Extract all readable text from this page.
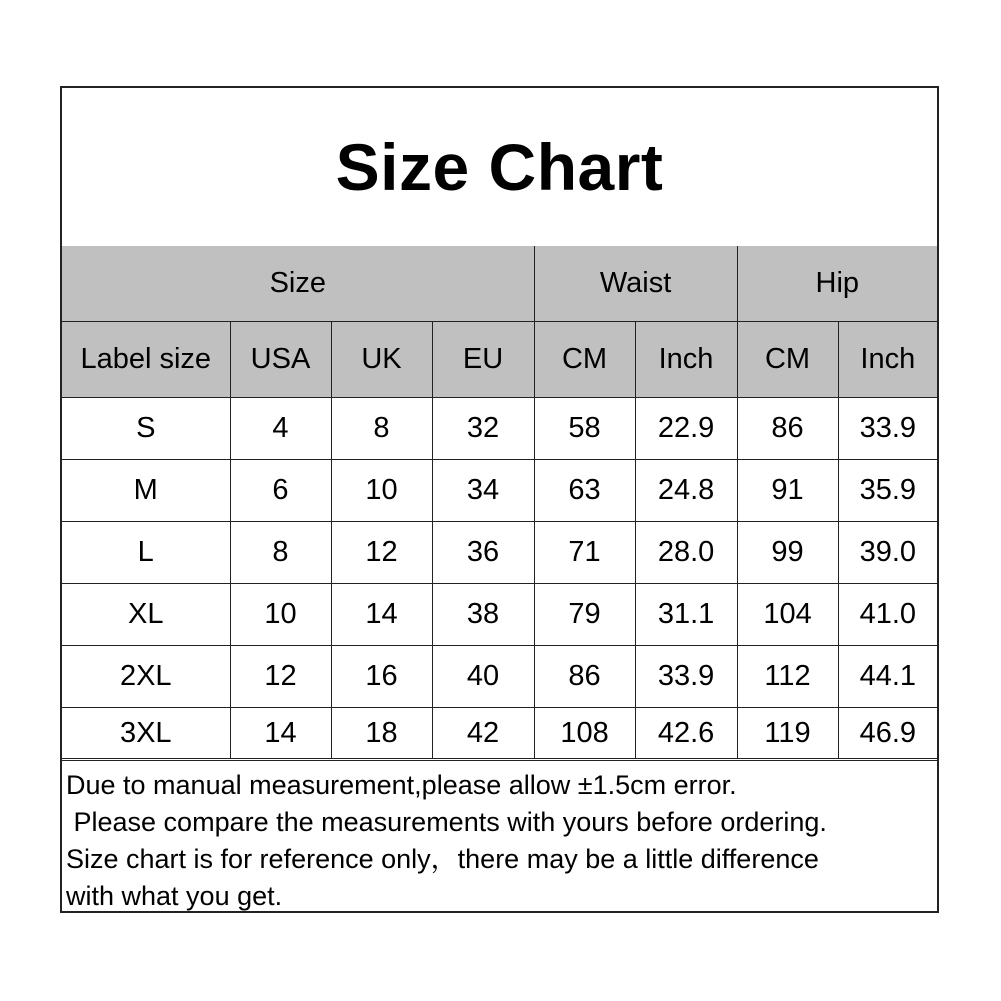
Size Chart
Size				Waist		Hip	
Label size	USA	UK	EU	CM	Inch	CM	Inch
S	4	8	32	58	22.9	86	33.9
M	6	10	34	63	24.8	91	35.9
L	8	12	36	71	28.0	99	39.0
XL	10	14	38	79	31.1	104	41.0
2XL	12	16	40	86	33.9	112	44.1
3XL	14	18	42	108	42.6	119	46.9
Due to manual measurement,please allow ±1.5cm error.
Please compare the measurements with yours before ordering.
Size chart is for reference only，there may be a little difference
with what you get.
